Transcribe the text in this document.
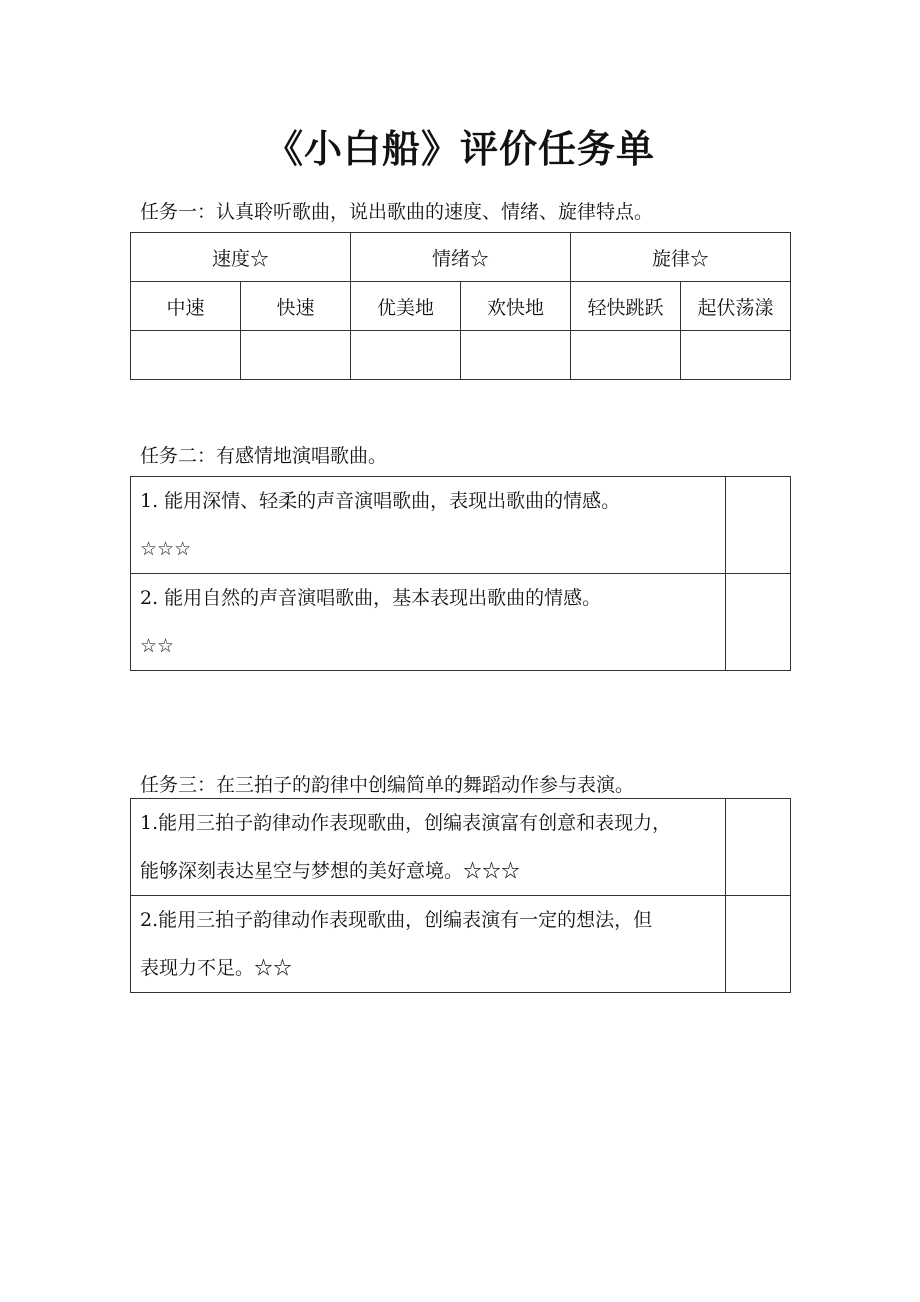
《小白船》评价任务单
任务一：认真聆听歌曲，说出歌曲的速度、情绪、旋律特点。
速度☆		情绪☆		旋律☆	
中速	快速	优美地	欢快地	轻快跳跃	起伏荡漾

任务二：有感情地演唱歌曲。
1. 能用深情、轻柔的声音演唱歌曲，表现出歌曲的情感。
☆☆☆	

2. 能用自然的声音演唱歌曲，基本表现出歌曲的情感。
☆☆	

任务三：在三拍子的韵律中创编简单的舞蹈动作参与表演。
1.能用三拍子韵律动作表现歌曲，创编表演富有创意和表现力，
能够深刻表达星空与梦想的美好意境。☆☆☆	

2.能用三拍子韵律动作表现歌曲，创编表演有一定的想法，但
表现力不足。☆☆	
